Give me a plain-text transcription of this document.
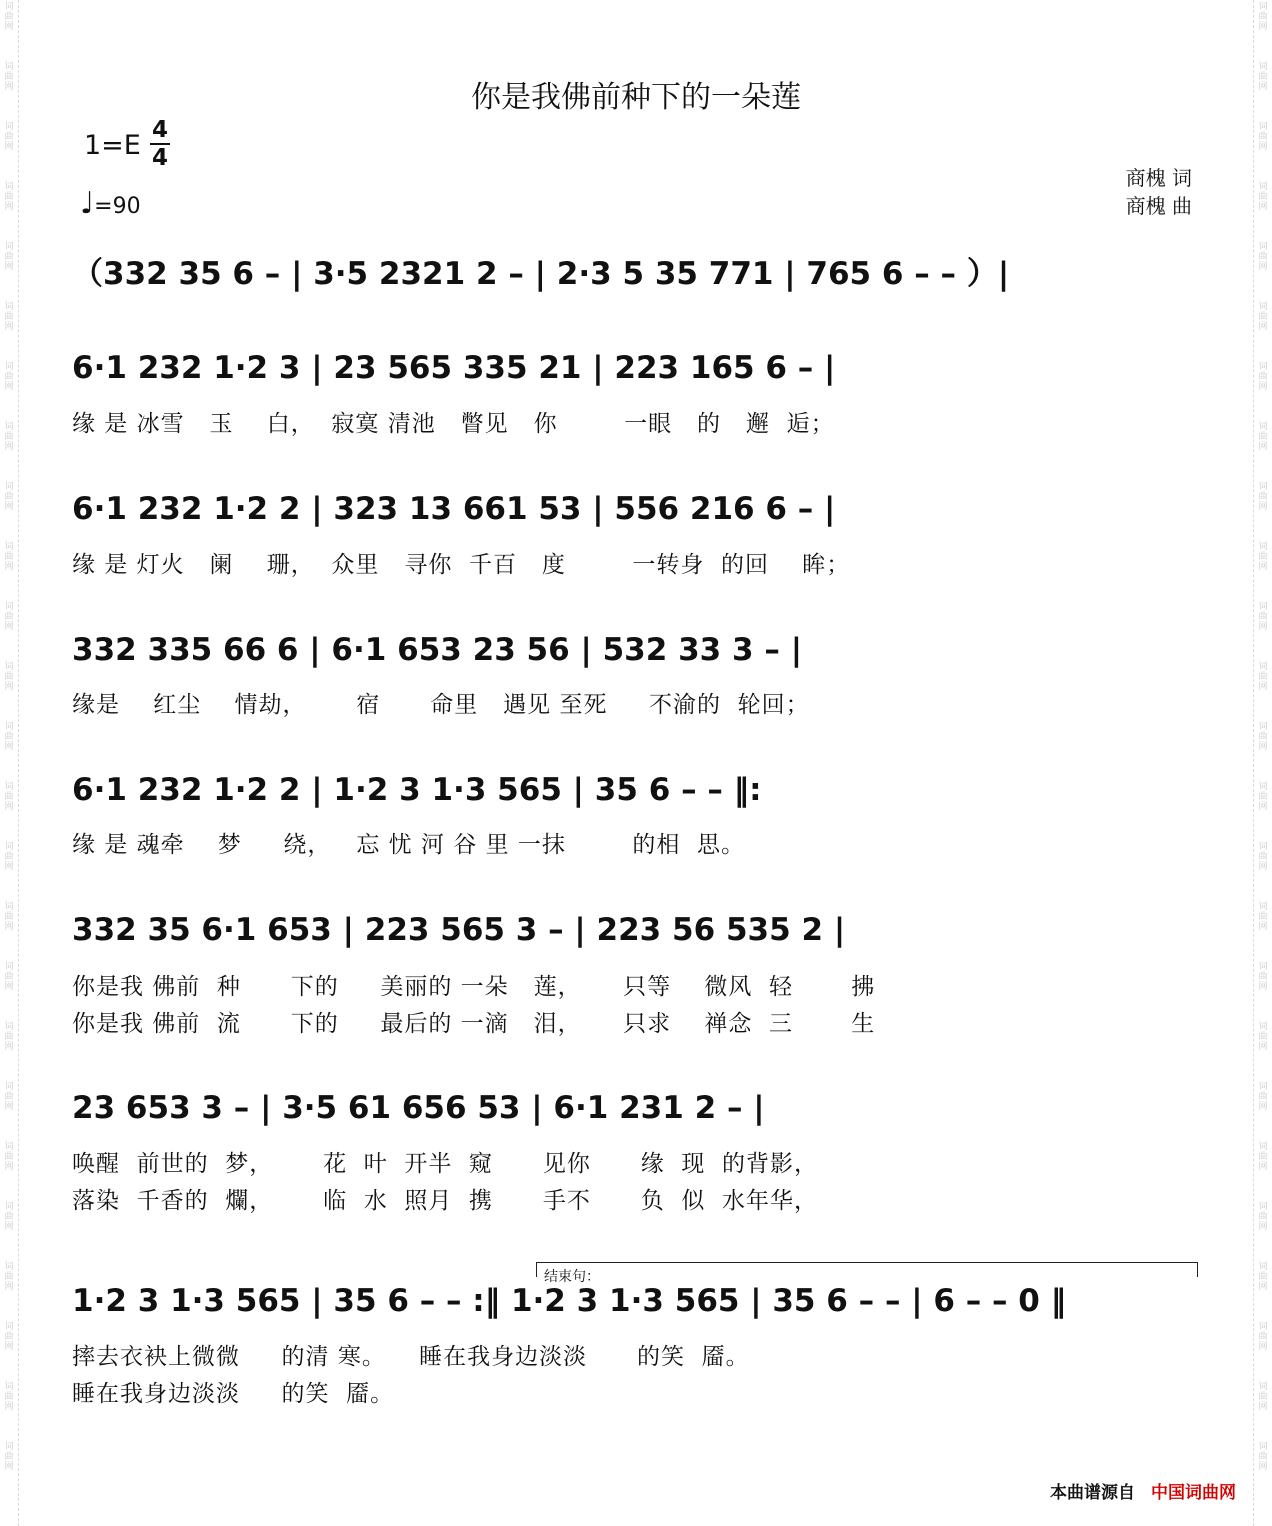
词
曲
网
词
曲
网
词
曲
网
词
曲
网
词
曲
网
词
曲
网
词
曲
网
词
曲
网
词
曲
网
词
曲
网
词
曲
网
词
曲
网
词
曲
网
词
曲
网
词
曲
网
词
曲
网
词
曲
网
词
曲
网
词
曲
网
词
曲
网
词
曲
网
词
曲
网
词
曲
网
词
曲
网
词
曲
网
词
曲
网
词
曲
网
词
曲
网
词
曲
网
词
曲
网
词
曲
网
词
曲
网
词
曲
网
词
曲
网
词
曲
网
词
曲
网
词
曲
网
词
曲
网
词
曲
网
词
曲
网
词
曲
网
词
曲
网
词
曲
网
词
曲
网
词
曲
网
词
曲
网
词
曲
网
词
曲
网
词
曲
网
词
曲
网
你是我佛前种下的一朵莲
1=E 4
4
♩=90
商槐 词
商槐 曲
（332 35 6 – | 3·5 2321 2 – | 2·3 5 35 771 | 765 6 – – ）|
6·1 232 1·2 3 | 23 565 335 21 | 223 165 6 – |
缘 是 冰雪   玉    白，  寂寞 清池   瞥见   你        一眼   的   邂  逅；
6·1 232 1·2 2 | 323 13 661 53 | 556 216 6 – |
缘 是 灯火   阑    珊，  众里   寻你  千百   度        一转身  的回    眸；
332 335 66 6 | 6·1 653 23 56 | 532 33 3 – |
缘是    红尘    情劫，      宿      命里   遇见 至死     不渝的  轮回；
6·1 232 1·2 2 | 1·2 3 1·3 565 | 35 6 – – ‖:
缘 是 魂牵    梦     绕，   忘 忧 河 谷 里 一抹        的相  思。
332 35 6·1 653 | 223 565 3 – | 223 56 535 2 |
你是我 佛前  种      下的     美丽的 一朵   莲，     只等    微风  轻       拂
你是我 佛前  流      下的     最后的 一滴   泪，     只求    禅念  三       生
23 653 3 – | 3·5 61 656 53 | 6·1 231 2 – |
唤醒  前世的  梦，      花  叶  开半  窥      见你      缘  现  的背影，
落染  千香的  爛，      临  水  照月  携      手不      负  似  水年华，
1·2 3 1·3 565 | 35 6 – – :‖ 1·2 3 1·3 565 | 35 6 – – | 6 – – 0 ‖
摔去衣袂上微微     的清 寒。    睡在我身边淡淡      的笑  靥。
睡在我身边淡淡     的笑  靥。
结束句：
本曲谱源自 中国词曲网
